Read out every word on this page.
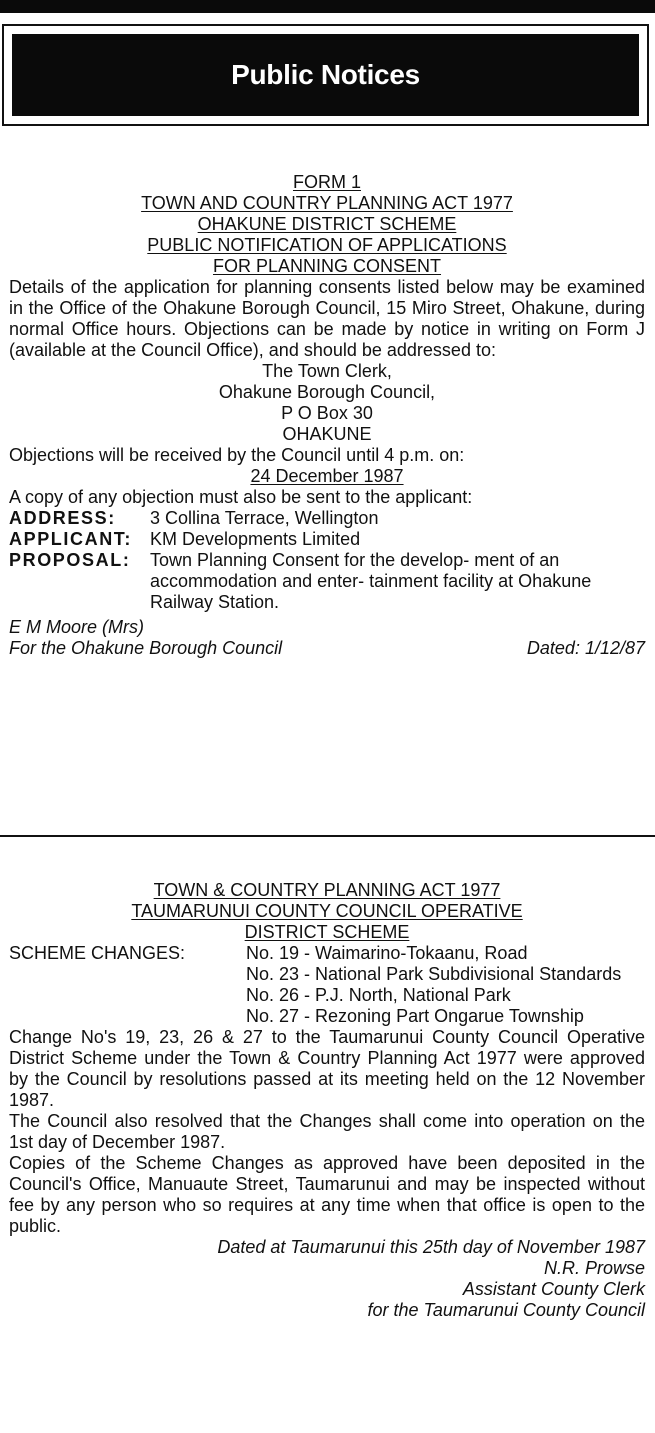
Public Notices
FORM 1
TOWN AND COUNTRY PLANNING ACT 1977
OHAKUNE DISTRICT SCHEME
PUBLIC NOTIFICATION OF APPLICATIONS
FOR PLANNING CONSENT
Details of the application for planning consents listed below may be examined in the Office of the Ohakune Borough Council, 15 Miro Street, Ohakune, during normal Office hours. Objections can be made by notice in writing on Form J (available at the Council Office), and should be addressed to:
The Town Clerk,
Ohakune Borough Council,
P O Box 30
OHAKUNE
Objections will be received by the Council until 4 p.m. on:
24 December 1987
A copy of any objection must also be sent to the applicant:
ADDRESS:	3 Collina Terrace, Wellington
APPLICANT:	KM Developments Limited
PROPOSAL:	Town Planning Consent for the develop- ment of an accommodation and enter- tainment facility at Ohakune Railway Station.
E M Moore (Mrs)
For the Ohakune Borough Council	Dated: 1/12/87
TOWN & COUNTRY PLANNING ACT 1977
TAUMARUNUI COUNTY COUNCIL OPERATIVE
DISTRICT SCHEME
SCHEME CHANGES:	No. 19 - Waimarino-Tokaanu, Road
No. 23 - National Park Subdivisional Standards
No. 26 - P.J. North, National Park
No. 27 - Rezoning Part Ongarue Township
Change No's 19, 23, 26 & 27 to the Taumarunui County Council Operative District Scheme under the Town & Country Planning Act 1977 were approved by the Council by resolutions passed at its meeting held on the 12 November 1987.
The Council also resolved that the Changes shall come into operation on the 1st day of December 1987.
Copies of the Scheme Changes as approved have been deposited in the Council's Office, Manuaute Street, Taumarunui and may be inspected without fee by any person who so requires at any time when that office is open to the public.
Dated at Taumarunui this 25th day of November 1987
N.R. Prowse
Assistant County Clerk
for the Taumarunui County Council
